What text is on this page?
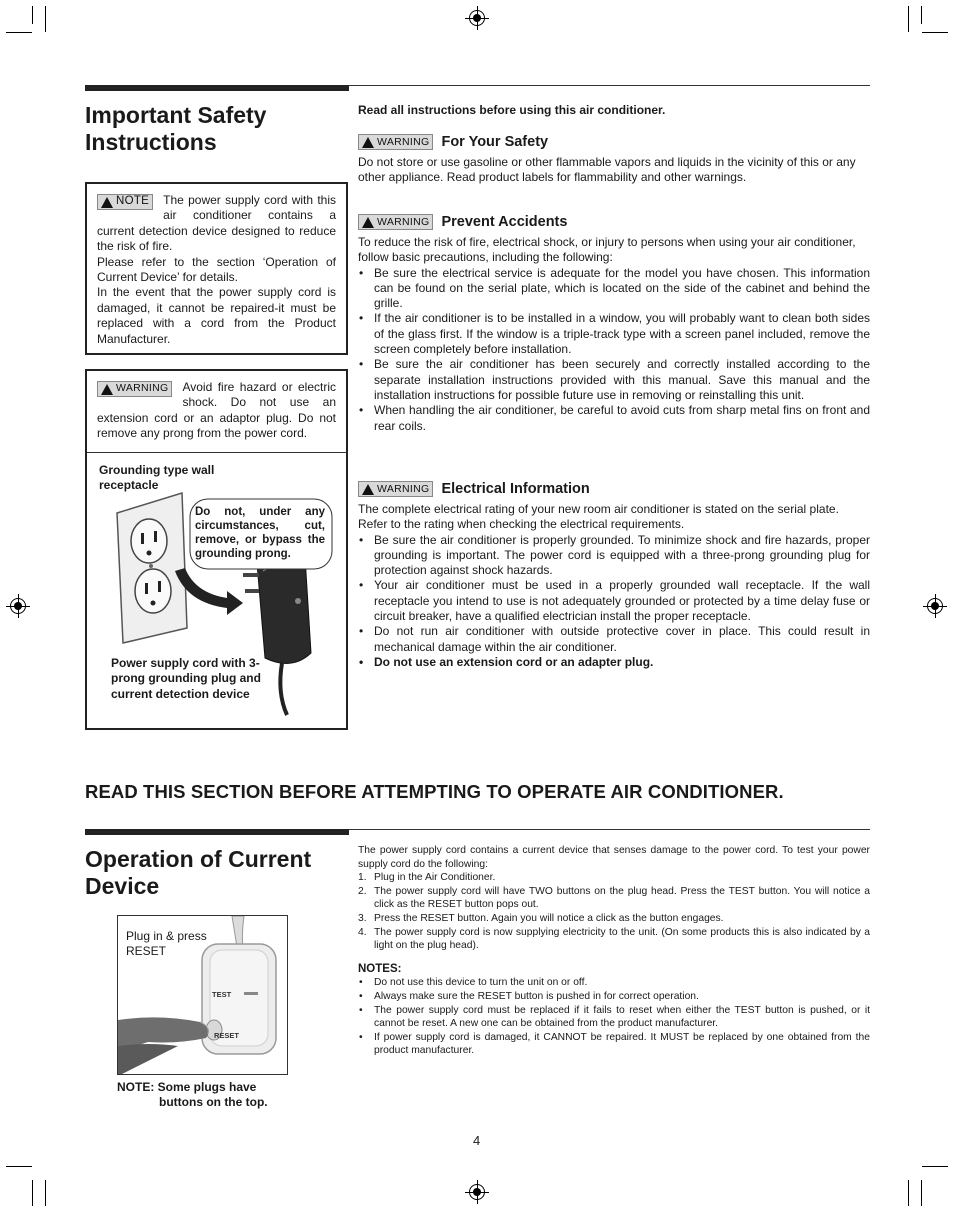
Important Safety
Instructions
Read all instructions before using this air conditioner.
WARNING For Your Safety
Do not store or use gasoline or other flammable vapors and liquids in the vicinity of this or any other appliance. Read product labels for flammability and other warnings.
WARNING Prevent Accidents
To reduce the risk of fire, electrical shock, or injury to persons when using your air conditioner, follow basic precautions, including the following:
• Be sure the electrical service is adequate for the model you have chosen. This information can be found on the serial plate, which is located on the side of the cabinet and behind the grille.
• If the air conditioner is to be installed in a window, you will probably want to clean both sides of the glass first. If the window is a triple-track type with a screen panel included, remove the screen completely before installation.
• Be sure the air conditioner has been securely and correctly installed according to the separate installation instructions provided with this manual. Save this manual and the installation instructions for possible future use in removing or reinstalling this unit.
• When handling the air conditioner, be careful to avoid cuts from sharp metal fins on front and rear coils.
WARNING Electrical Information
The complete electrical rating of your new room air conditioner is stated on the serial plate. Refer to the rating when checking the electrical requirements.
• Be sure the air conditioner is properly grounded. To minimize shock and fire hazards, proper grounding is important. The power cord is equipped with a three-prong grounding plug for protection against shock hazards.
• Your air conditioner must be used in a properly grounded wall receptacle. If the wall receptacle you intend to use is not adequately grounded or protected by a time delay fuse or circuit breaker, have a qualified electrician install the proper receptacle.
• Do not run air conditioner with outside protective cover in place. This could result in mechanical damage within the air conditioner.
• Do not use an extension cord or an adapter plug.
NOTE The power supply cord with this air conditioner contains a current detection device designed to reduce the risk of fire.
Please refer to the section ‘Operation of Current Device’ for details.
In the event that the power supply cord is damaged, it cannot be repaired-it must be replaced with a cord from the Product Manufacturer.
WARNING Avoid fire hazard or electric shock. Do not use an extension cord or an adaptor plug. Do not remove any prong from the power cord.
Grounding type wall receptacle
Do not, under any circumstances, cut, remove, or bypass the grounding prong.
Power supply cord with 3-prong grounding plug and current detection device
READ THIS SECTION BEFORE ATTEMPTING TO OPERATE AIR CONDITIONER.
Operation of Current
Device
The power supply cord contains a current device that senses damage to the power cord. To test your power supply cord do the following:
1. Plug in the Air Conditioner.
2. The power supply cord will have TWO buttons on the plug head. Press the TEST button. You will notice a click as the RESET button pops out.
3. Press the RESET button. Again you will notice a click as the button engages.
4. The power supply cord is now supplying electricity to the unit. (On some products this is also indicated by a light on the plug head).
NOTES:
• Do not use this device to turn the unit on or off.
• Always make sure the RESET button is pushed in for correct operation.
• The power supply cord must be replaced if it fails to reset when either the TEST button is pushed, or it cannot be reset. A new one can be obtained from the product manufacturer.
• If power supply cord is damaged, it CANNOT be repaired. It MUST be replaced by one obtained from the product manufacturer.
Plug in & press RESET
TEST
RESET
NOTE: Some plugs have
buttons on the top.
4
